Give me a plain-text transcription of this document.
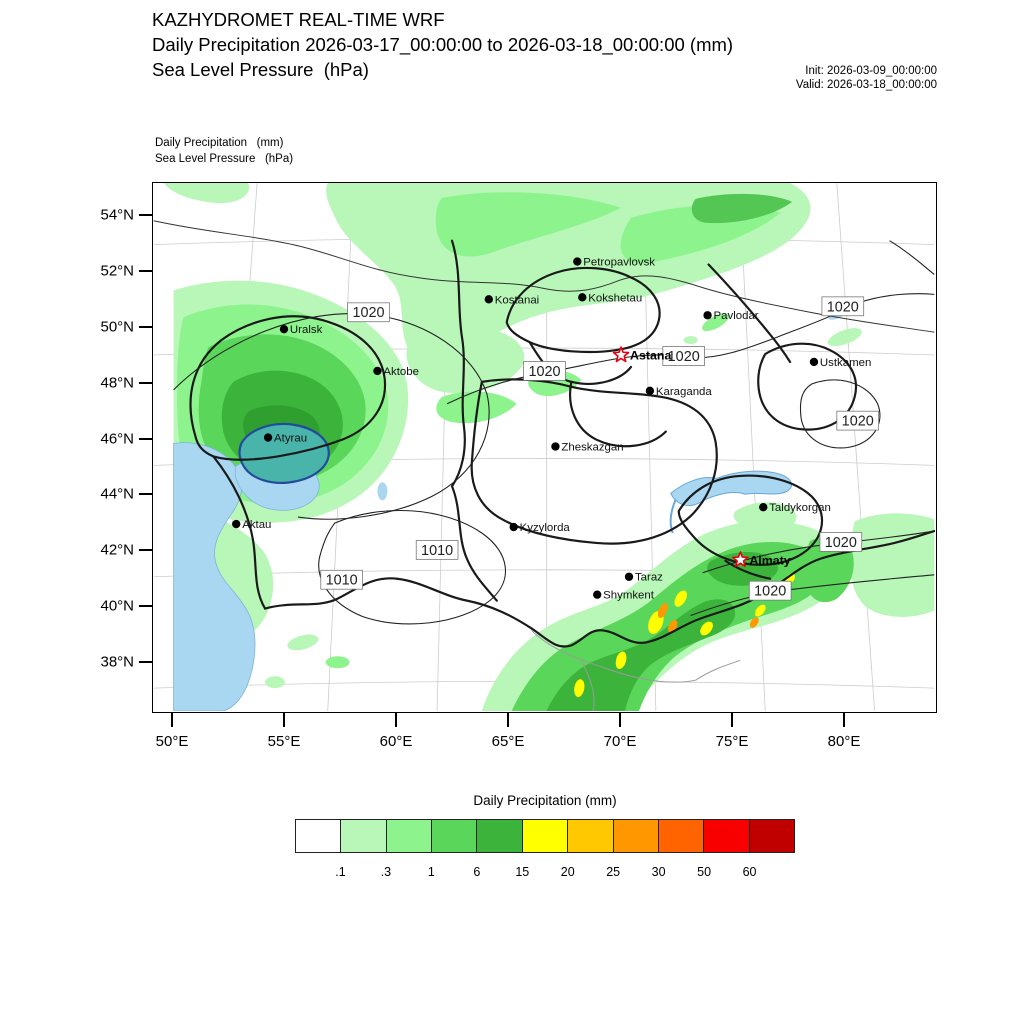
KAZHYDROMET REAL-TIME WRF
Daily Precipitation 2026-03-17_00:00:00 to 2026-03-18_00:00:00 (mm)
Sea Level Pressure  (hPa)	Init: 2026-03-09_00:00:00
Valid: 2026-03-18_00:00:00
Daily Precipitation   (mm)
Sea Level Pressure   (hPa)
54°N
52°N
50°N
48°N
46°N
44°N
42°N
40°N
38°N
50°E	55°E	60°E	65°E	70°E	75°E	80°E
1020	1020
1020
1020
1020
1020
1020
1010
1010
Uralsk
Aktobe
Atyrau
Aktau
Kostanai
Petropavlovsk
Kokshetau
Pavlodar
Karaganda
Ustkamen
Zheskazgan
Kyzylorda
Taldykorgan
Taraz
Shymkent
Astana
Almaty
Daily Precipitation (mm)
.1	.3	1	6	15	20	25	30	50	60
